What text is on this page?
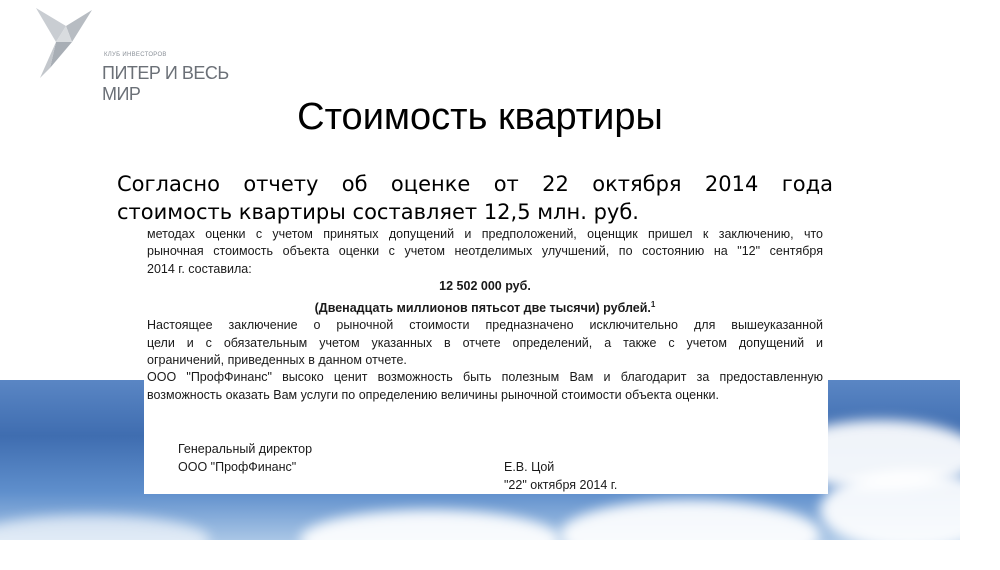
КЛУБ ИНВЕСТОРОВ
ПИТЕР И ВЕСЬ МИР
Стоимость квартиры
Согласно отчету об оценке от 22 октября 2014 года
стоимость квартиры составляет 12,5 млн. руб.
методах оценки с учетом принятых допущений и предположений, оценщик пришел к заключению, что
рыночная стоимость объекта оценки с учетом неотделимых улучшений, по состоянию на "12" сентября
2014 г. составила:
12 502 000 руб.
(Двенадцать миллионов пятьсот две тысячи) рублей.$^1$
Настоящее заключение о рыночной стоимости предназначено исключительно для вышеуказанной
цели и с обязательным учетом указанных в отчете определений, а также с учетом допущений и
ограничений, приведенных в данном отчете.
ООО "ПрофФинанс" высоко ценит возможность быть полезным Вам и благодарит за предоставленную
возможность оказать Вам услуги по определению величины рыночной стоимости объекта оценки.
Генеральный директор
ООО "ПрофФинанс"	Е.В. Цой
"22" октября 2014 г.
